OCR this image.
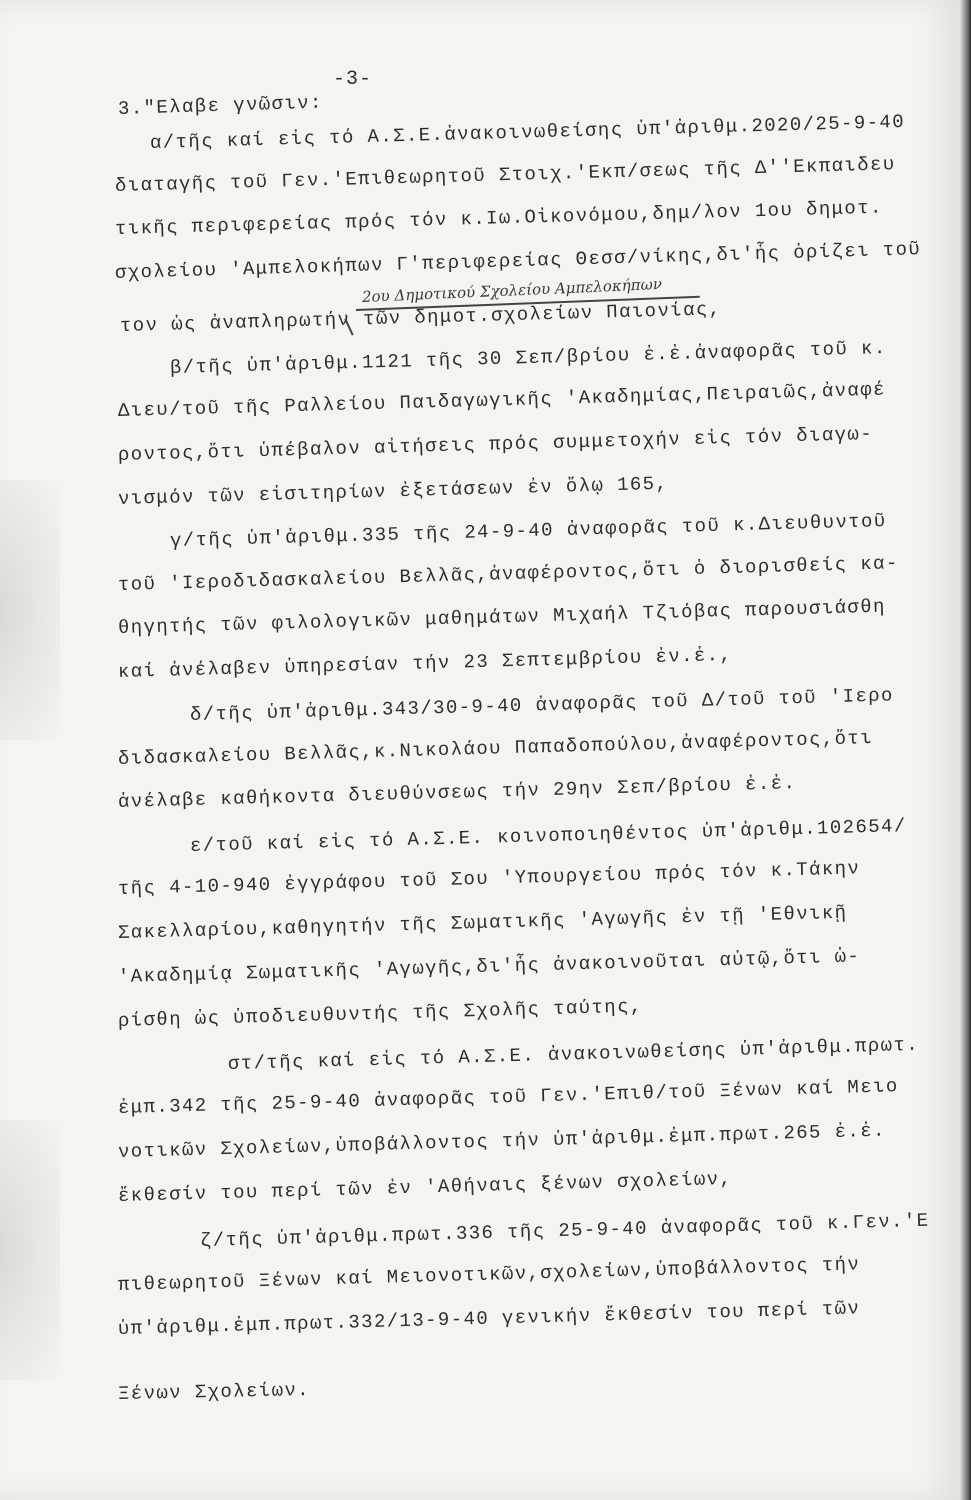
-3-
3."Ελαβε γνῶσιν:
α/τῆς καί εἰς τό Α.Σ.Ε.ἀνακοινωθείσης ὑπ'ἀριθμ.2020/25-9-40
διαταγῆς τοῦ Γεν.'Επιθεωρητοῦ Στοιχ.'Εκπ/σεως τῆς Δ''Εκπαιδευ
τικῆς περιφερείας πρός τόν κ.Ιω.Οἰκονόμου,δημ/λον 1ου δημοτ.
σχολείου 'Αμπελοκήπων Γ'περιφερείας Θεσσ/νίκης,δι'ἧς ὁρίζει τοῦ
2ου Δημοτικού Σχολείου Αμπελοκήπων
τον ὡς ἀναπληρωτήν τῶν δημοτ.σχολείων Παιονίας,
β/τῆς ὑπ'ἀριθμ.1121 τῆς 30 Σεπ/βρίου ἐ.ἐ.ἀναφορᾶς τοῦ κ.
Διευ/τοῦ τῆς Ραλλείου Παιδαγωγικῆς 'Ακαδημίας,Πειραιῶς,ἀναφέ
ροντος,ὅτι ὑπέβαλον αἰτήσεις πρός συμμετοχήν εἰς τόν διαγω-
νισμόν τῶν εἰσιτηρίων ἐξετάσεων ἐν ὅλῳ 165,
γ/τῆς ὑπ'ἀριθμ.335 τῆς 24-9-40 ἀναφορᾶς τοῦ κ.Διευθυντοῦ
τοῦ 'Ιεροδιδασκαλείου Βελλᾶς,ἀναφέροντος,ὅτι ὁ διορισθείς κα-
θηγητής τῶν φιλολογικῶν μαθημάτων Μιχαήλ Τζιόβας παρουσιάσθη
καί ἀνέλαβεν ὑπηρεσίαν τήν 23 Σεπτεμβρίου ἐν.ἐ.,
δ/τῆς ὑπ'ἀριθμ.343/30-9-40 ἀναφορᾶς τοῦ Δ/τοῦ τοῦ 'Ιερο
διδασκαλείου Βελλᾶς,κ.Νικολάου Παπαδοπούλου,ἀναφέροντος,ὅτι
ἀνέλαβε καθήκοντα διευθύνσεως τήν 29ην Σεπ/βρίου ἐ.ἐ.
ε/τοῦ καί εἰς τό Α.Σ.Ε. κοινοποιηθέντος ὑπ'ἀριθμ.102654/
τῆς 4-10-940 ἐγγράφου τοῦ Σου 'Υπουργείου πρός τόν κ.Τάκην
Σακελλαρίου,καθηγητήν τῆς Σωματικῆς 'Αγωγῆς ἐν τῇ 'Εθνικῇ
'Ακαδημίᾳ Σωματικῆς 'Αγωγῆς,δι'ἧς ἀνακοινοῦται αὐτῷ,ὅτι ὡ-
ρίσθη ὡς ὑποδιευθυντής τῆς Σχολῆς ταύτης,
στ/τῆς καί εἰς τό Α.Σ.Ε. ἀνακοινωθείσης ὑπ'ἀριθμ.πρωτ.
ἐμπ.342 τῆς 25-9-40 ἀναφορᾶς τοῦ Γεν.'Επιθ/τοῦ Ξένων καί Μειο
νοτικῶν Σχολείων,ὑποβάλλοντος τήν ὑπ'ἀριθμ.ἐμπ.πρωτ.265 ἐ.ἐ.
ἔκθεσίν του περί τῶν ἐν 'Αθήναις ξένων σχολείων,
ζ/τῆς ὑπ'ἀριθμ.πρωτ.336 τῆς 25-9-40 ἀναφορᾶς τοῦ κ.Γεν.'Ε
πιθεωρητοῦ Ξένων καί Μειονοτικῶν,σχολείων,ὑποβάλλοντος τήν
ὑπ'ἀριθμ.ἐμπ.πρωτ.332/13-9-40 γενικήν ἔκθεσίν του περί τῶν
Ξένων Σχολείων.
